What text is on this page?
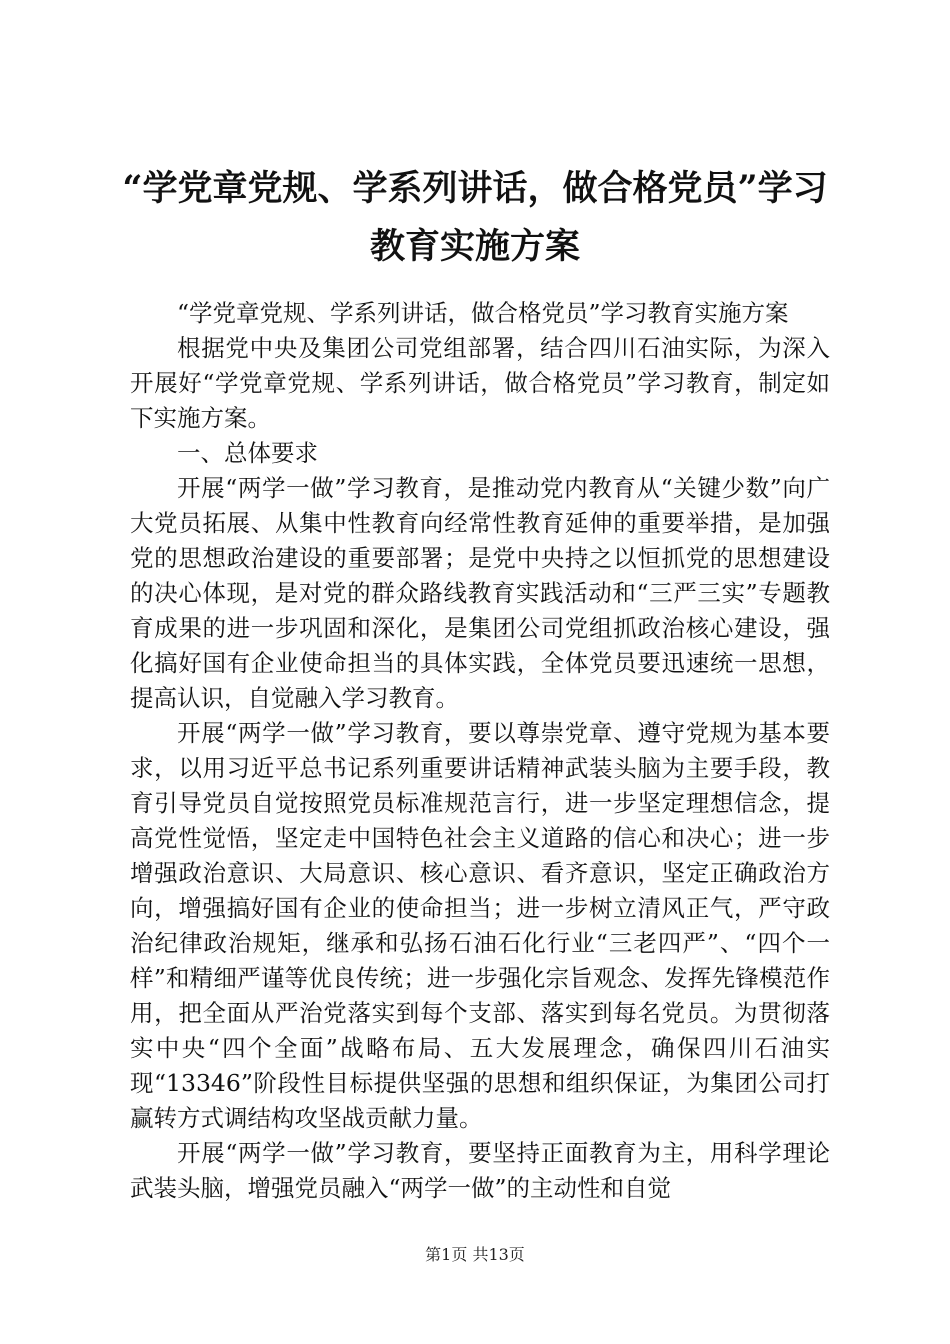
“学党章党规、学系列讲话，做合格党员”学习教育实施方案

“学党章党规、学系列讲话，做合格党员”学习教育实施方案

根据党中央及集团公司党组部署，结合四川石油实际，为深入开展好“学党章党规、学系列讲话，做合格党员”学习教育，制定如下实施方案。

一、总体要求

开展“两学一做”学习教育，是推动党内教育从“关键少数”向广大党员拓展、从集中性教育向经常性教育延伸的重要举措，是加强党的思想政治建设的重要部署；是党中央持之以恒抓党的思想建设的决心体现，是对党的群众路线教育实践活动和“三严三实”专题教育成果的进一步巩固和深化，是集团公司党组抓政治核心建设，强化搞好国有企业使命担当的具体实践，全体党员要迅速统一思想，提高认识，自觉融入学习教育。

开展“两学一做”学习教育，要以尊崇党章、遵守党规为基本要求，以用习近平总书记系列重要讲话精神武装头脑为主要手段，教育引导党员自觉按照党员标准规范言行，进一步坚定理想信念，提高党性觉悟，坚定走中国特色社会主义道路的信心和决心；进一步增强政治意识、大局意识、核心意识、看齐意识，坚定正确政治方向，增强搞好国有企业的使命担当；进一步树立清风正气，严守政治纪律政治规矩，继承和弘扬石油石化行业“三老四严”、“四个一样”和精细严谨等优良传统；进一步强化宗旨观念、发挥先锋模范作用，把全面从严治党落实到每个支部、落实到每名党员。为贯彻落实中央“四个全面”战略布局、五大发展理念，确保四川石油实现“13346”阶段性目标提供坚强的思想和组织保证，为集团公司打赢转方式调结构攻坚战贡献力量。

开展“两学一做”学习教育，要坚持正面教育为主，用科学理论武装头脑，增强党员融入“两学一做”的主动性和自觉

第1页 共13页
